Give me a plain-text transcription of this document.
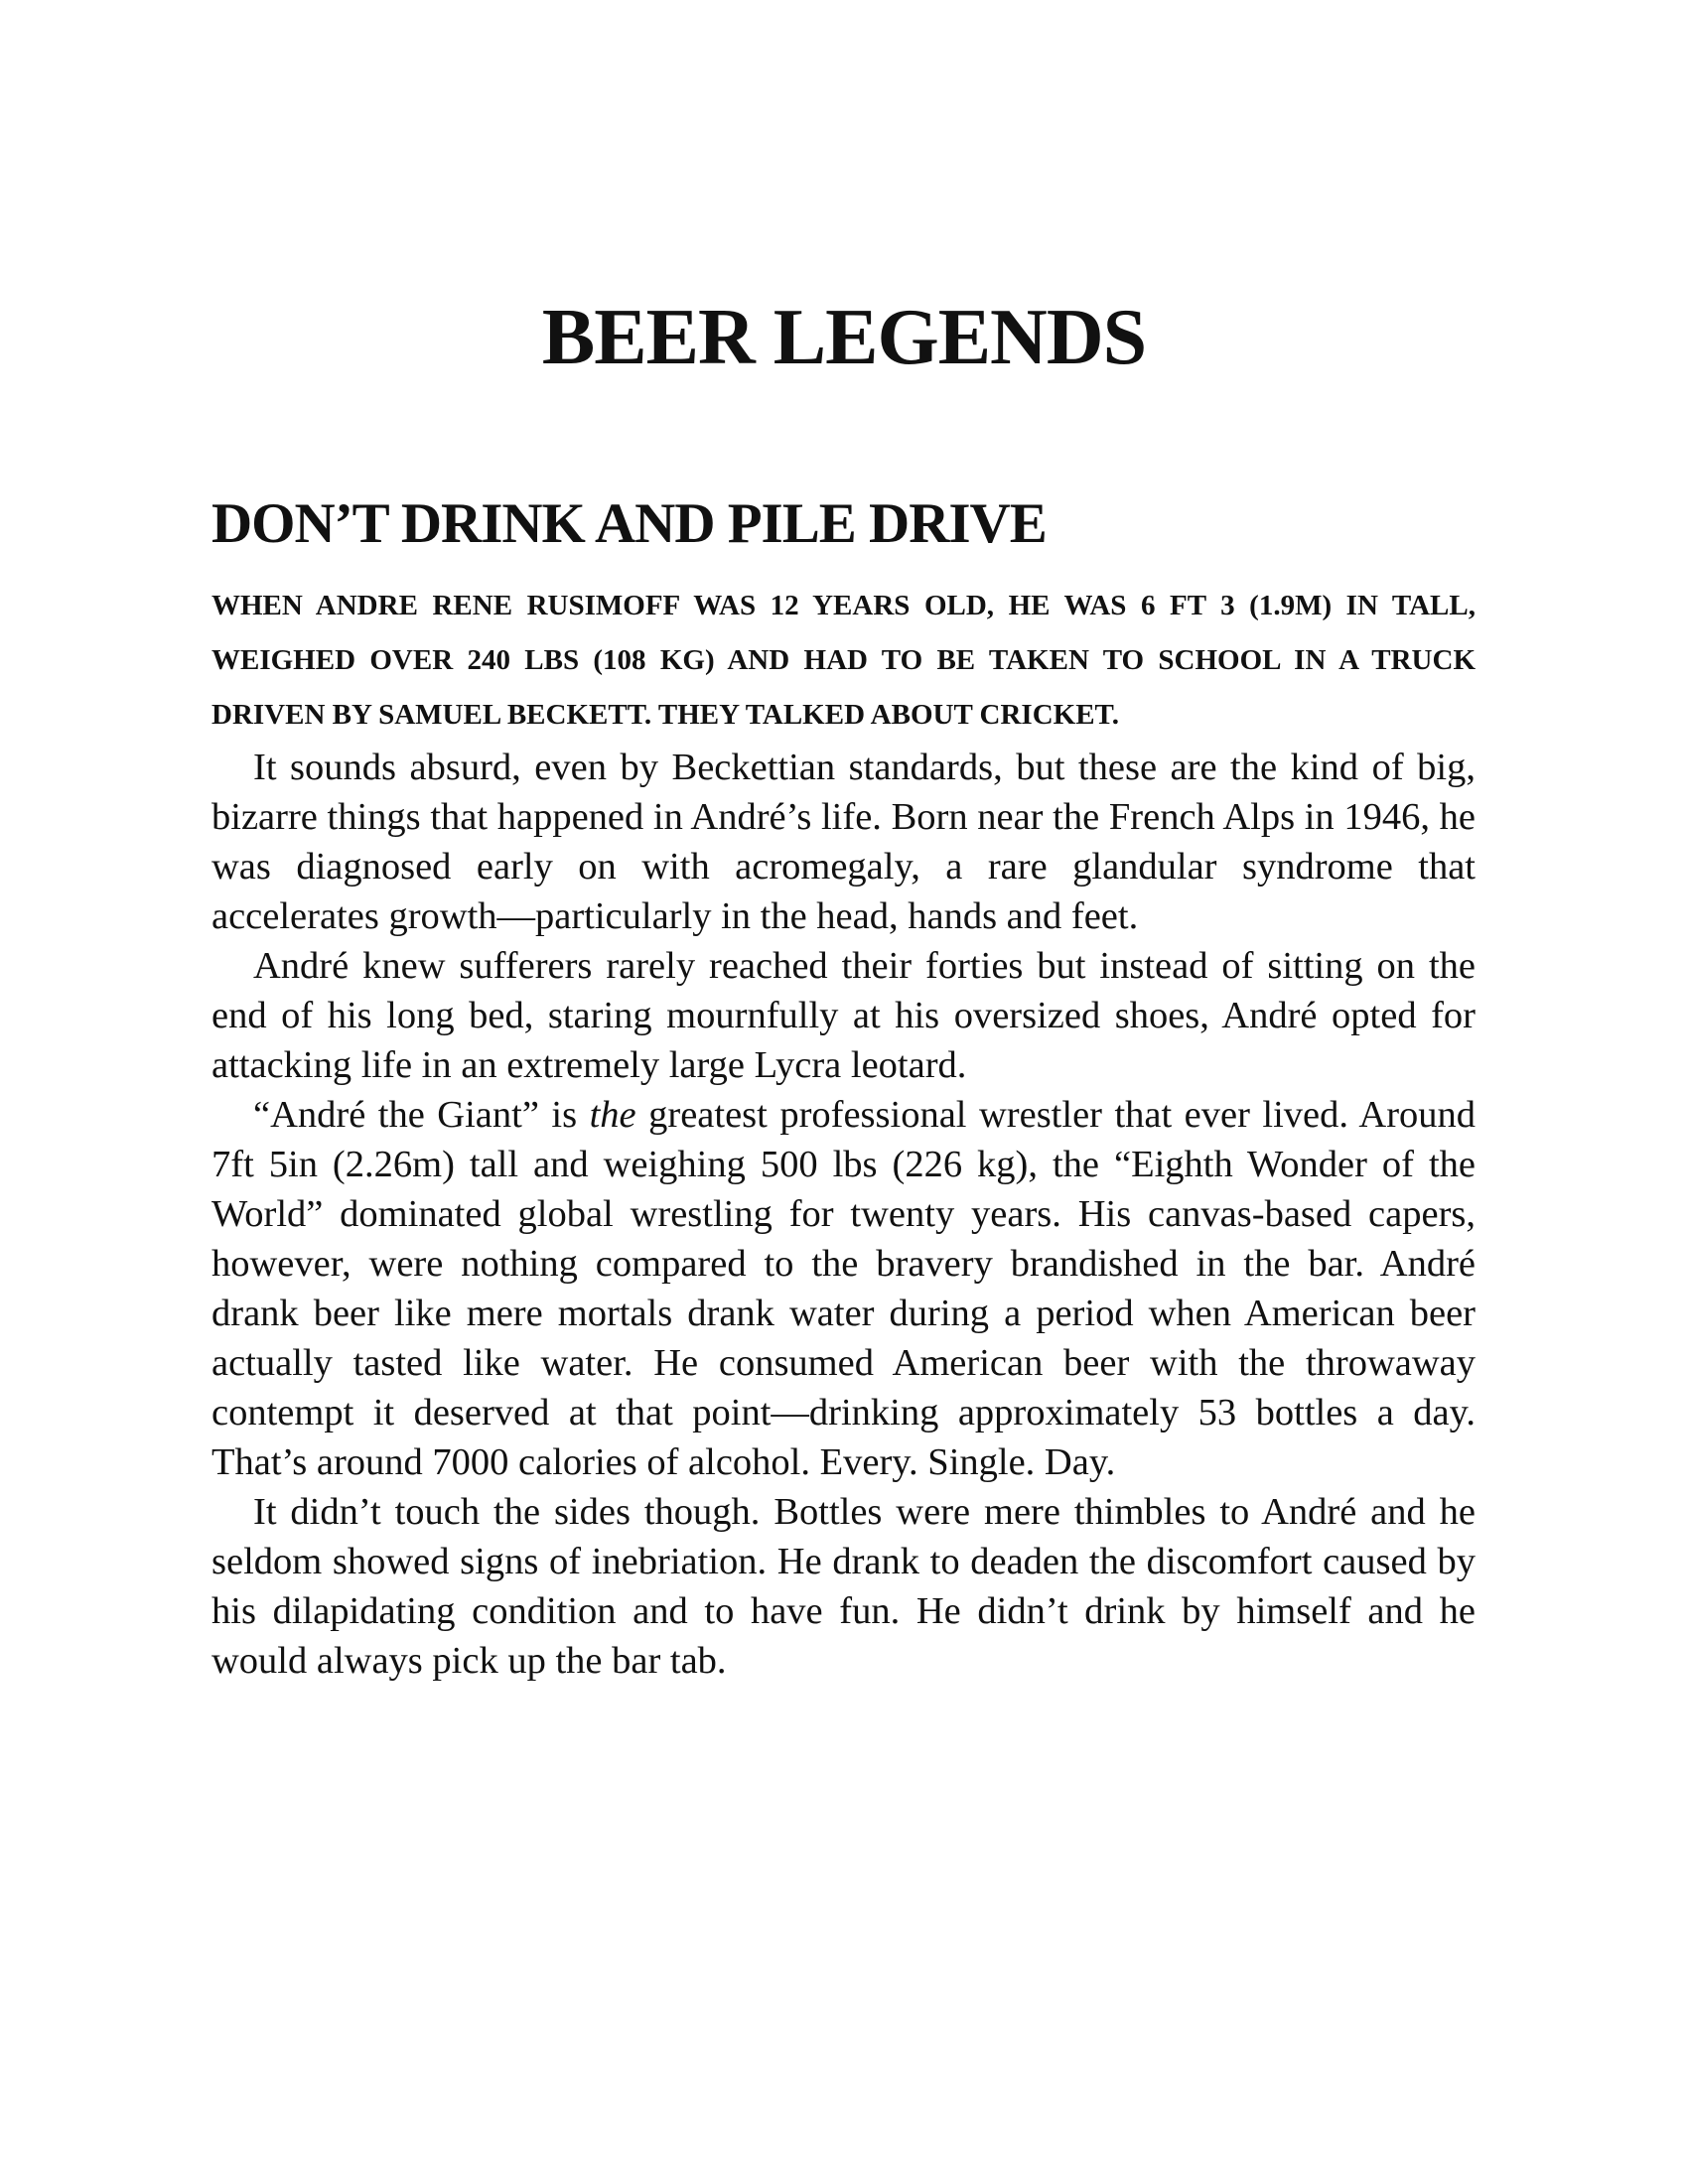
BEER LEGENDS
DON’T DRINK AND PILE DRIVE

WHEN ANDRE RENE RUSIMOFF WAS 12 YEARS OLD, HE WAS 6 FT 3 (1.9M) IN TALL, WEIGHED OVER 240 LBS (108 KG) AND HAD TO BE TAKEN TO SCHOOL IN A TRUCK DRIVEN BY SAMUEL BECKETT. THEY TALKED ABOUT CRICKET.

It sounds absurd, even by Beckettian standards, but these are the kind of big, bizarre things that happened in André’s life. Born near the French Alps in 1946, he was diagnosed early on with acromegaly, a rare glandular syndrome that accelerates growth—particularly in the head, hands and feet.

André knew sufferers rarely reached their forties but instead of sitting on the end of his long bed, staring mournfully at his oversized shoes, André opted for attacking life in an extremely large Lycra leotard.

“André the Giant” is the greatest professional wrestler that ever lived. Around 7ft 5in (2.26m) tall and weighing 500 lbs (226 kg), the “Eighth Wonder of the World” dominated global wrestling for twenty years. His canvas-based capers, however, were nothing compared to the bravery brandished in the bar. André drank beer like mere mortals drank water during a period when American beer actually tasted like water. He consumed American beer with the throwaway contempt it deserved at that point—drinking approximately 53 bottles a day. That’s around 7000 calories of alcohol. Every. Single. Day.

It didn’t touch the sides though. Bottles were mere thimbles to André and he seldom showed signs of inebriation. He drank to deaden the discomfort caused by his dilapidating condition and to have fun. He didn’t drink by himself and he would always pick up the bar tab.
